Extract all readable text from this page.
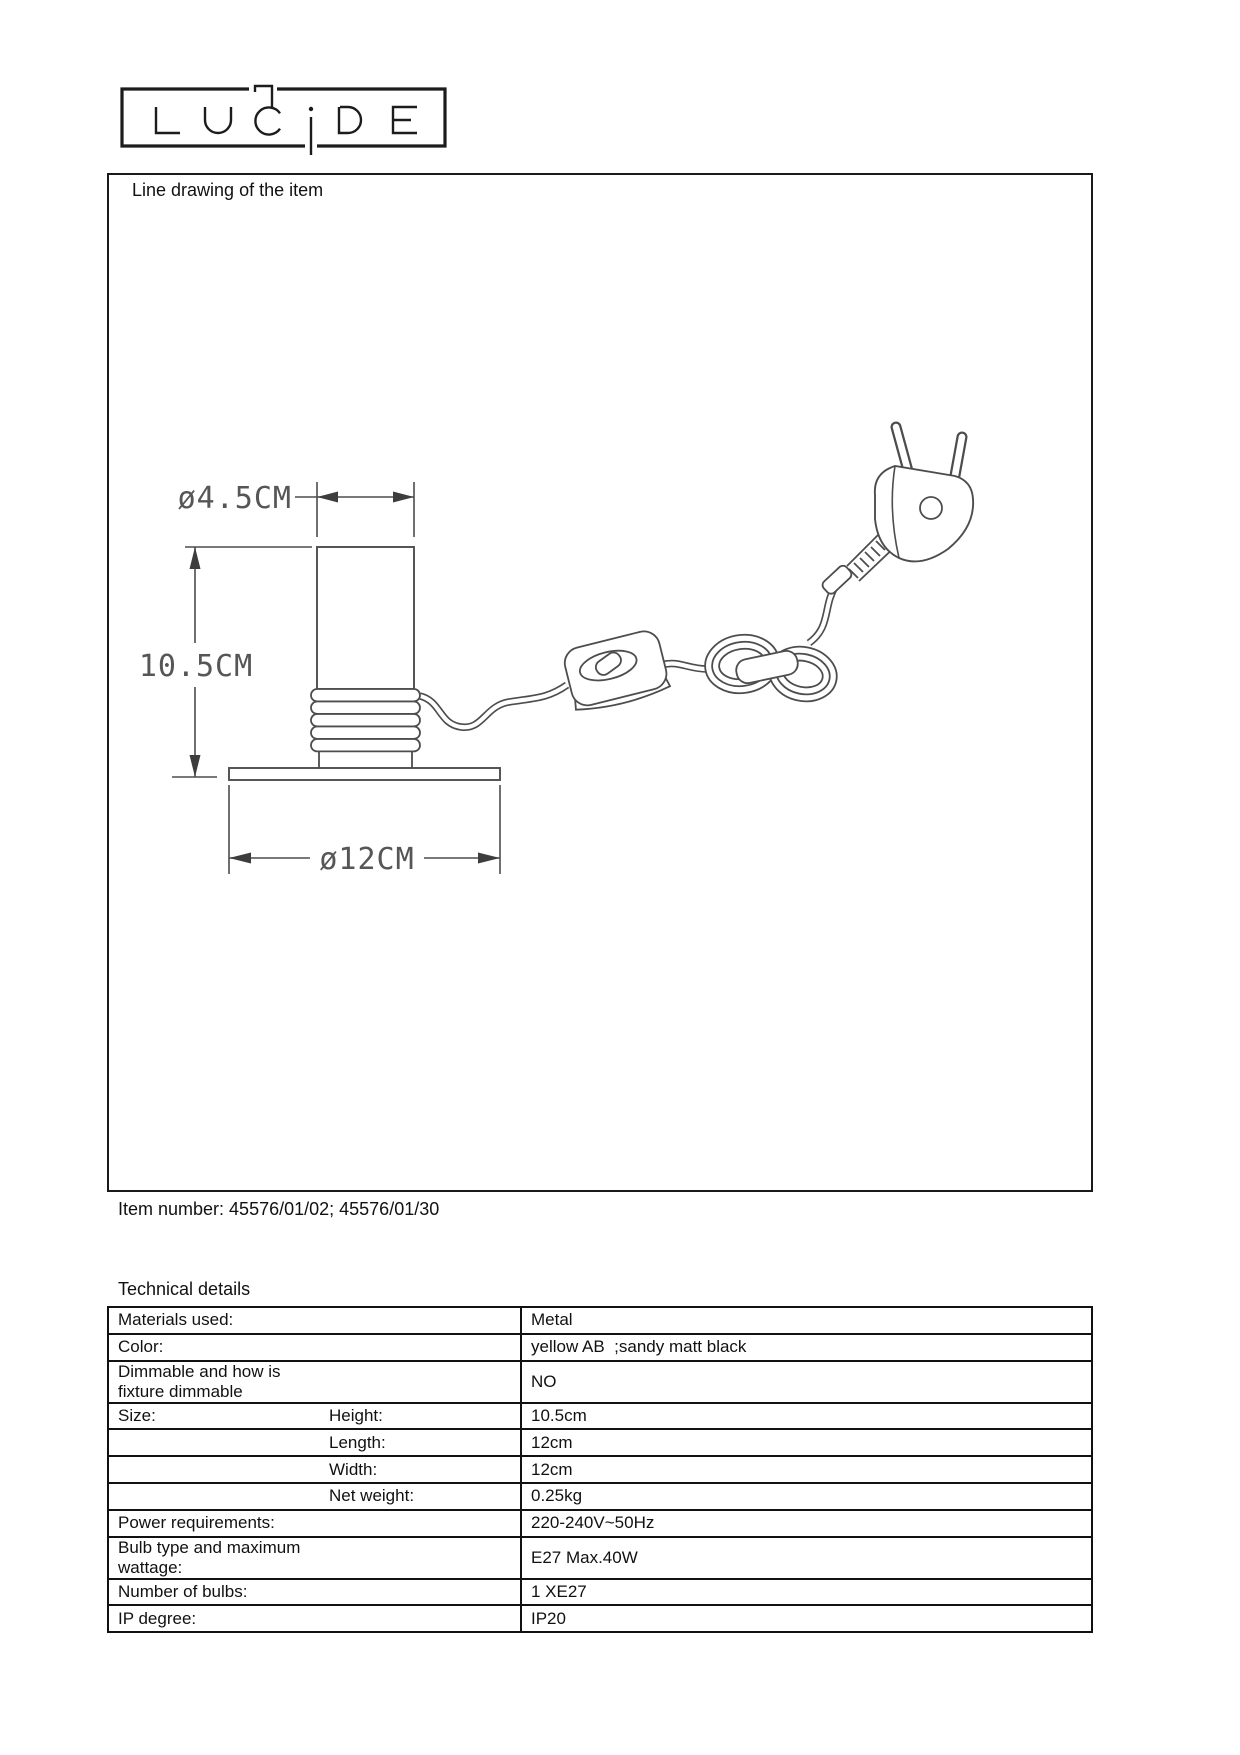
Line drawing of the item
ø4.5CM
10.5CM
ø12CM
Item number: 45576/01/02; 45576/01/30
Technical details
Materials used:	Metal

Color:	yellow AB  ;sandy matt black

Dimmable and how is fixture dimmable	NO

Size: Height:	10.5cm

Length:	12cm

Width:	12cm

Net weight:	0.25kg

Power requirements:	220-240V~50Hz

Bulb type and maximum wattage:	E27 Max.40W

Number of bulbs:	1 XE27

IP degree:	IP20
